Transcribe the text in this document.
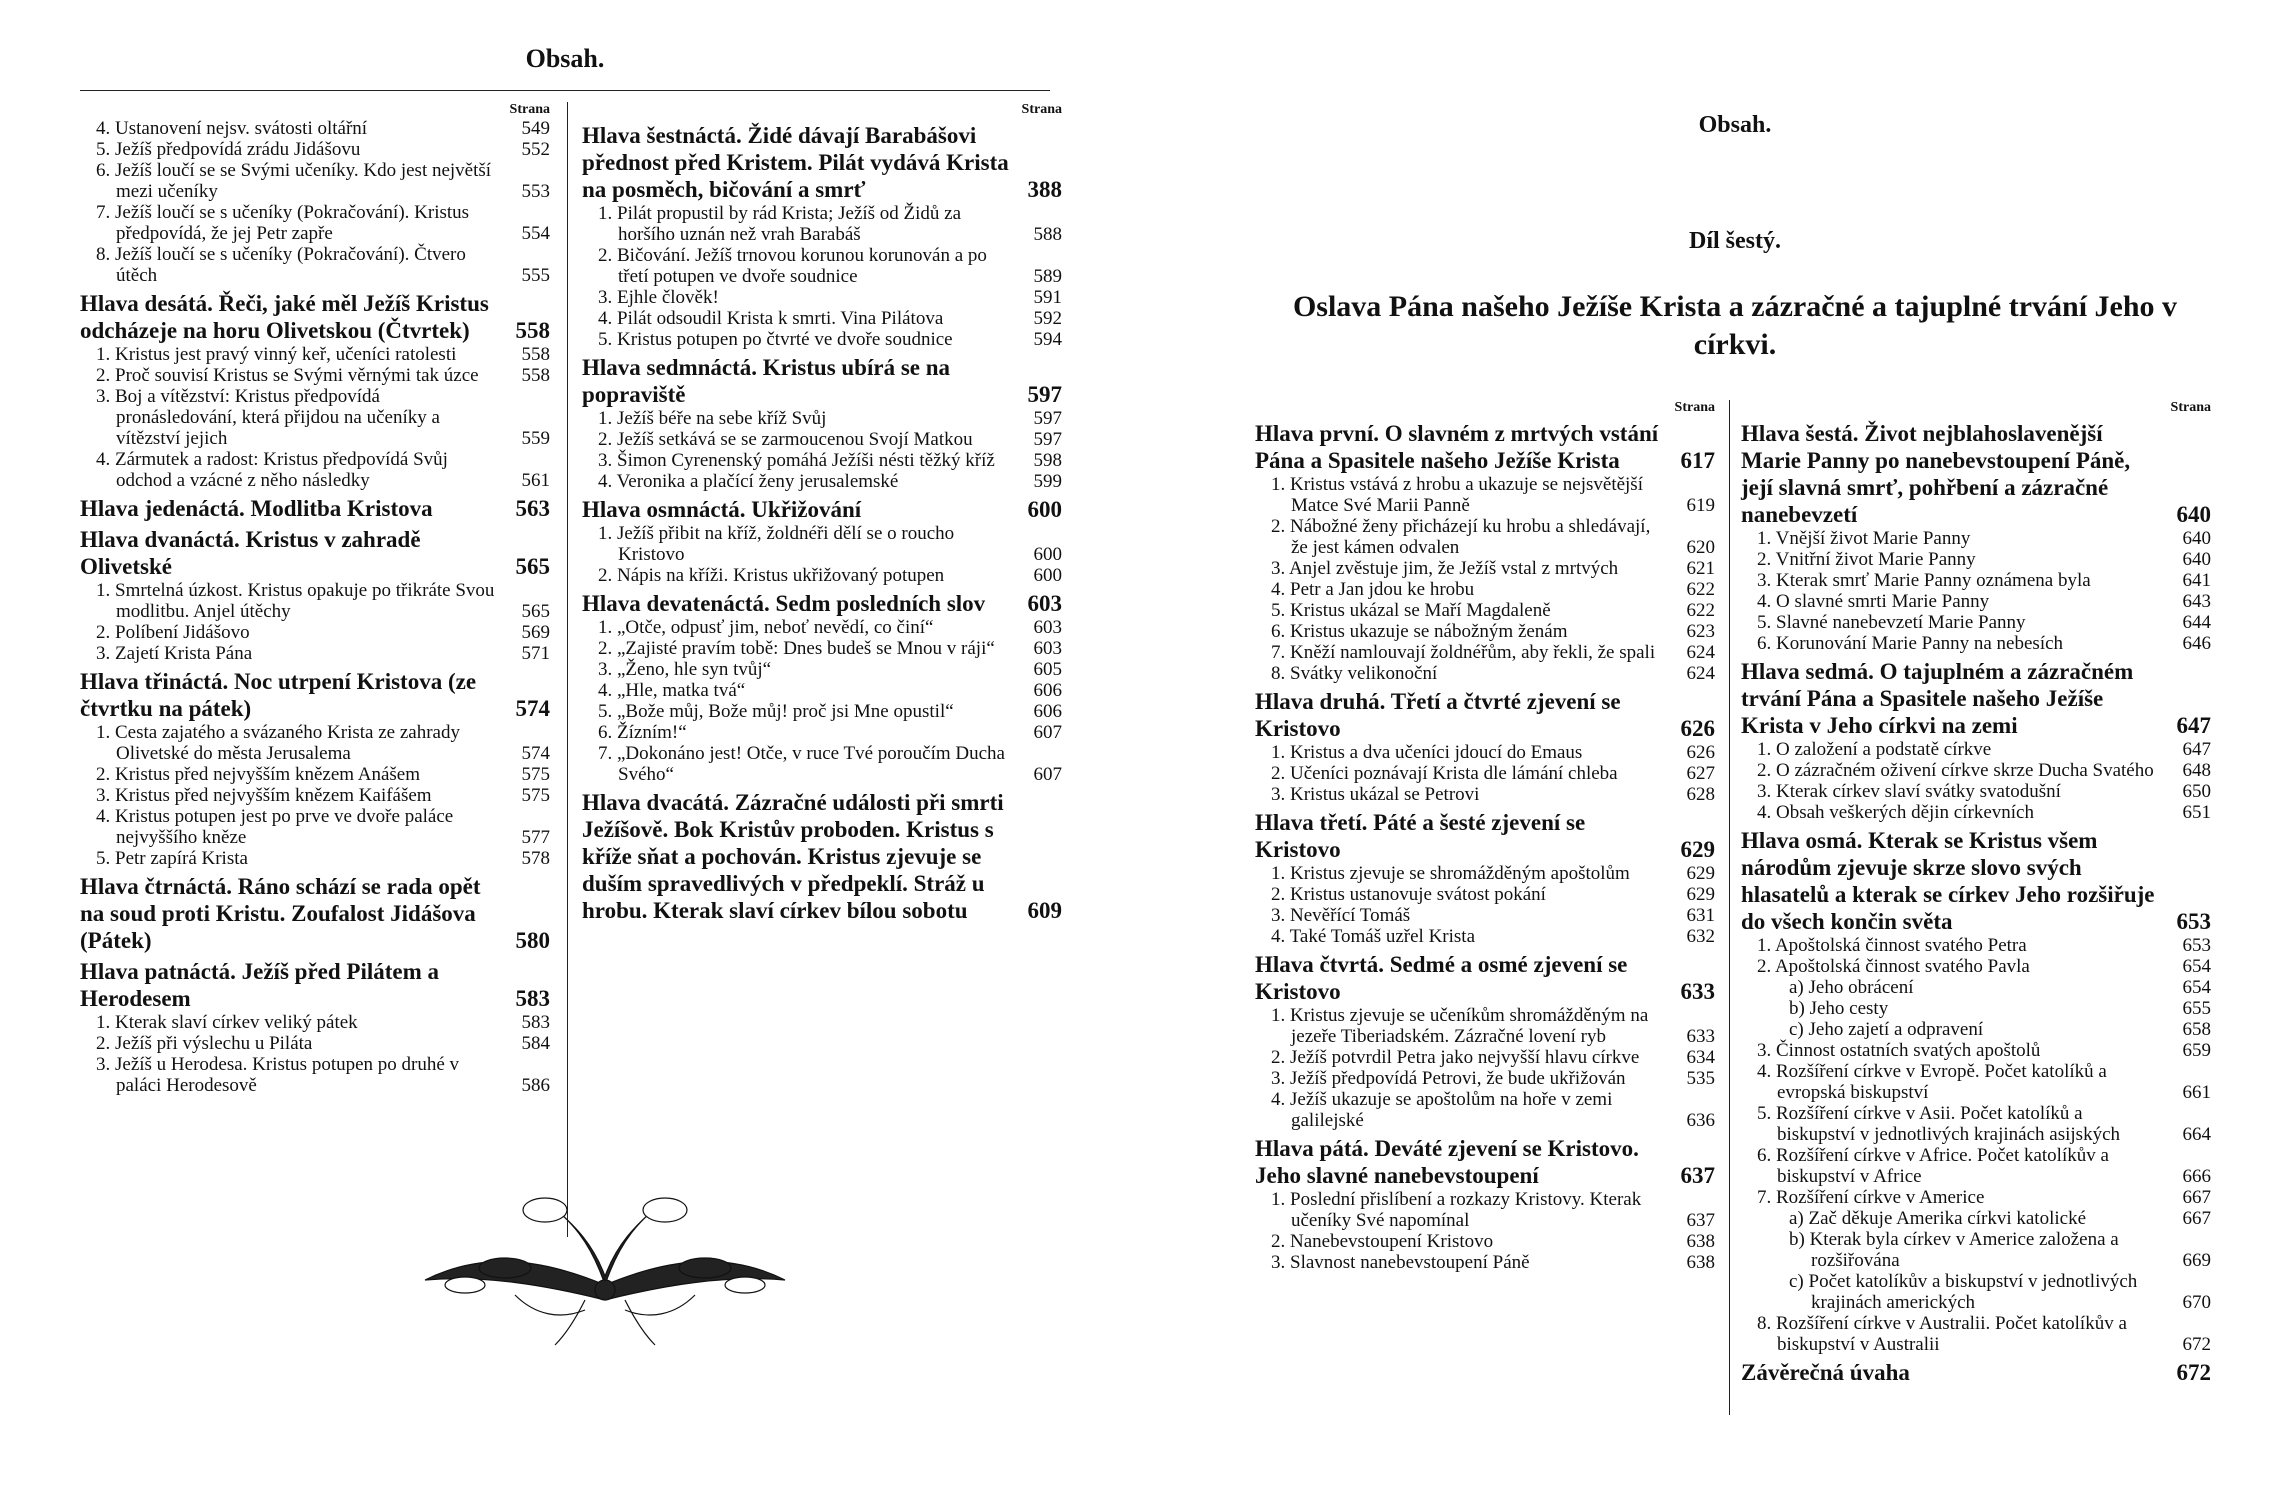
Obsah.
Strana
4. Ustanovení nejsv. svátosti oltářní	549
5. Ježíš předpovídá zrádu Jidášovu	552
6. Ježíš loučí se se Svými učeníky. Kdo jest největší mezi učeníky	553
7. Ježíš loučí se s učeníky (Pokračování). Kristus předpovídá, že jej Petr zapře	554
8. Ježíš loučí se s učeníky (Pokračování). Čtvero útěch	555
Hlava desátá. Řeči, jaké měl Ježíš Kristus odcházeje na horu Olivetskou (Čtvrtek)	558
1. Kristus jest pravý vinný keř, učeníci ratolesti	558
2. Proč souvisí Kristus se Svými věrnými tak úzce	558
3. Boj a vítězství: Kristus předpovídá pronásledování, která přijdou na učeníky a vítězství jejich	559
4. Zármutek a radost: Kristus předpovídá Svůj odchod a vzácné z něho následky	561
Hlava jedenáctá. Modlitba Kristova	563
Hlava dvanáctá. Kristus v zahradě Olivetské	565
1. Smrtelná úzkost. Kristus opakuje po třikráte Svou modlitbu. Anjel útěchy	565
2. Políbení Jidášovo	569
3. Zajetí Krista Pána	571
Hlava třináctá. Noc utrpení Kristova (ze čtvrtku na pátek)	574
1. Cesta zajatého a svázaného Krista ze zahrady Olivetské do města Jerusalema	574
2. Kristus před nejvyšším knězem Anášem	575
3. Kristus před nejvyšším knězem Kaifášem	575
4. Kristus potupen jest po prve ve dvoře paláce nejvyššího kněze	577
5. Petr zapírá Krista	578
Hlava čtrnáctá. Ráno schází se rada opět na soud proti Kristu. Zoufalost Jidášova (Pátek)	580
Hlava patnáctá. Ježíš před Pilátem a Herodesem	583
1. Kterak slaví církev veliký pátek	583
2. Ježíš při výslechu u Piláta	584
3. Ježíš u Herodesa. Kristus potupen po druhé v paláci Herodesově	586
Strana
Hlava šestnáctá. Židé dávají Barabášovi přednost před Kristem. Pilát vydává Krista na posměch, bičování a smrť	388
1. Pilát propustil by rád Krista; Ježíš od Židů za horšího uznán než vrah Barabáš	588
2. Bičování. Ježíš trnovou korunou korunován a po třetí potupen ve dvoře soudnice	589
3. Ejhle člověk!	591
4. Pilát odsoudil Krista k smrti. Vina Pilátova	592
5. Kristus potupen po čtvrté ve dvoře soudnice	594
Hlava sedmnáctá. Kristus ubírá se na popraviště	597
1. Ježíš béře na sebe kříž Svůj	597
2. Ježíš setkává se se zarmoucenou Svojí Matkou	597
3. Šimon Cyrenenský pomáhá Ježíši nésti těžký kříž	598
4. Veronika a plačící ženy jerusalemské	599
Hlava osmnáctá. Ukřižování	600
1. Ježíš přibit na kříž, žoldnéři dělí se o roucho Kristovo	600
2. Nápis na kříži. Kristus ukřižovaný potupen	600
Hlava devatenáctá. Sedm posledních slov	603
1. „Otče, odpusť jim, neboť nevědí, co činí“	603
2. „Zajisté pravím tobě: Dnes budeš se Mnou v ráji“	603
3. „Ženo, hle syn tvůj“	605
4. „Hle, matka tvá“	606
5. „Bože můj, Bože můj! proč jsi Mne opustil“	606
6. Žízním!“	607
7. „Dokonáno jest! Otče, v ruce Tvé poroučím Ducha Svého“	607
Hlava dvacátá. Zázračné události při smrti Ježíšově. Bok Kristův proboden. Kristus s kříže sňat a pochován. Kristus zjevuje se duším spravedlivých v předpeklí. Stráž u hrobu. Kterak slaví církev bílou sobotu	609
Obsah.
Díl šestý.
Oslava Pána našeho Ježíše Krista a zázračné a tajuplné trvání Jeho v církvi.
Strana
Hlava první. O slavném z mrtvých vstání Pána a Spasitele našeho Ježíše Krista	617
1. Kristus vstává z hrobu a ukazuje se nejsvětější Matce Své Marii Panně	619
2. Nábožné ženy přicházejí ku hrobu a shledávají, že jest kámen odvalen	620
3. Anjel zvěstuje jim, že Ježíš vstal z mrtvých	621
4. Petr a Jan jdou ke hrobu	622
5. Kristus ukázal se Maří Magdaleně	622
6. Kristus ukazuje se nábožným ženám	623
7. Kněží namlouvají žoldnéřům, aby řekli, že spali	624
8. Svátky velikonoční	624
Hlava druhá. Třetí a čtvrté zjevení se Kristovo	626
1. Kristus a dva učeníci jdoucí do Emaus	626
2. Učeníci poznávají Krista dle lámání chleba	627
3. Kristus ukázal se Petrovi	628
Hlava třetí. Páté a šesté zjevení se Kristovo	629
1. Kristus zjevuje se shromážděným apoštolům	629
2. Kristus ustanovuje svátost pokání	629
3. Nevěřící Tomáš	631
4. Také Tomáš uzřel Krista	632
Hlava čtvrtá. Sedmé a osmé zjevení se Kristovo	633
1. Kristus zjevuje se učeníkům shromážděným na jezeře Tiberiadském. Zázračné lovení ryb	633
2. Ježíš potvrdil Petra jako nejvyšší hlavu církve	634
3. Ježíš předpovídá Petrovi, že bude ukřižován	535
4. Ježíš ukazuje se apoštolům na hoře v zemi galilejské	636
Hlava pátá. Deváté zjevení se Kristovo. Jeho slavné nanebevstoupení	637
1. Poslední přislíbení a rozkazy Kristovy. Kterak učeníky Své napomínal	637
2. Nanebevstoupení Kristovo	638
3. Slavnost nanebevstoupení Páně	638
Strana
Hlava šestá. Život nejblahoslavenější Marie Panny po nanebevstoupení Páně, její slavná smrť, pohřbení a zázračné nanebevzetí	640
1. Vnější život Marie Panny	640
2. Vnitřní život Marie Panny	640
3. Kterak smrť Marie Panny oznámena byla	641
4. O slavné smrti Marie Panny	643
5. Slavné nanebevzetí Marie Panny	644
6. Korunování Marie Panny na nebesích	646
Hlava sedmá. O tajuplném a zázračném trvání Pána a Spasitele našeho Ježíše Krista v Jeho církvi na zemi	647
1. O založení a podstatě církve	647
2. O zázračném oživení církve skrze Ducha Svatého	648
3. Kterak církev slaví svátky svatodušní	650
4. Obsah veškerých dějin církevních	651
Hlava osmá. Kterak se Kristus všem národům zjevuje skrze slovo svých hlasatelů a kterak se církev Jeho rozšiřuje do všech končin světa	653
1. Apoštolská činnost svatého Petra	653
2. Apoštolská činnost svatého Pavla	654
a) Jeho obrácení	654
b) Jeho cesty	655
c) Jeho zajetí a odpravení	658
3. Činnost ostatních svatých apoštolů	659
4. Rozšíření církve v Evropě. Počet katolíků a evropská biskupství	661
5. Rozšíření církve v Asii. Počet katolíků a biskupství v jednotlivých krajinách asijských	664
6. Rozšíření církve v Africe. Počet katolíkův a biskupství v Africe	666
7. Rozšíření církve v Americe	667
a) Zač děkuje Amerika církvi katolické	667
b) Kterak byla církev v Americe založena a rozšiřována	669
c) Počet katolíkův a biskupství v jednotlivých krajinách amerických	670
8. Rozšíření církve v Australii. Počet katolíkův a biskupství v Australii	672
Závěrečná úvaha	672
